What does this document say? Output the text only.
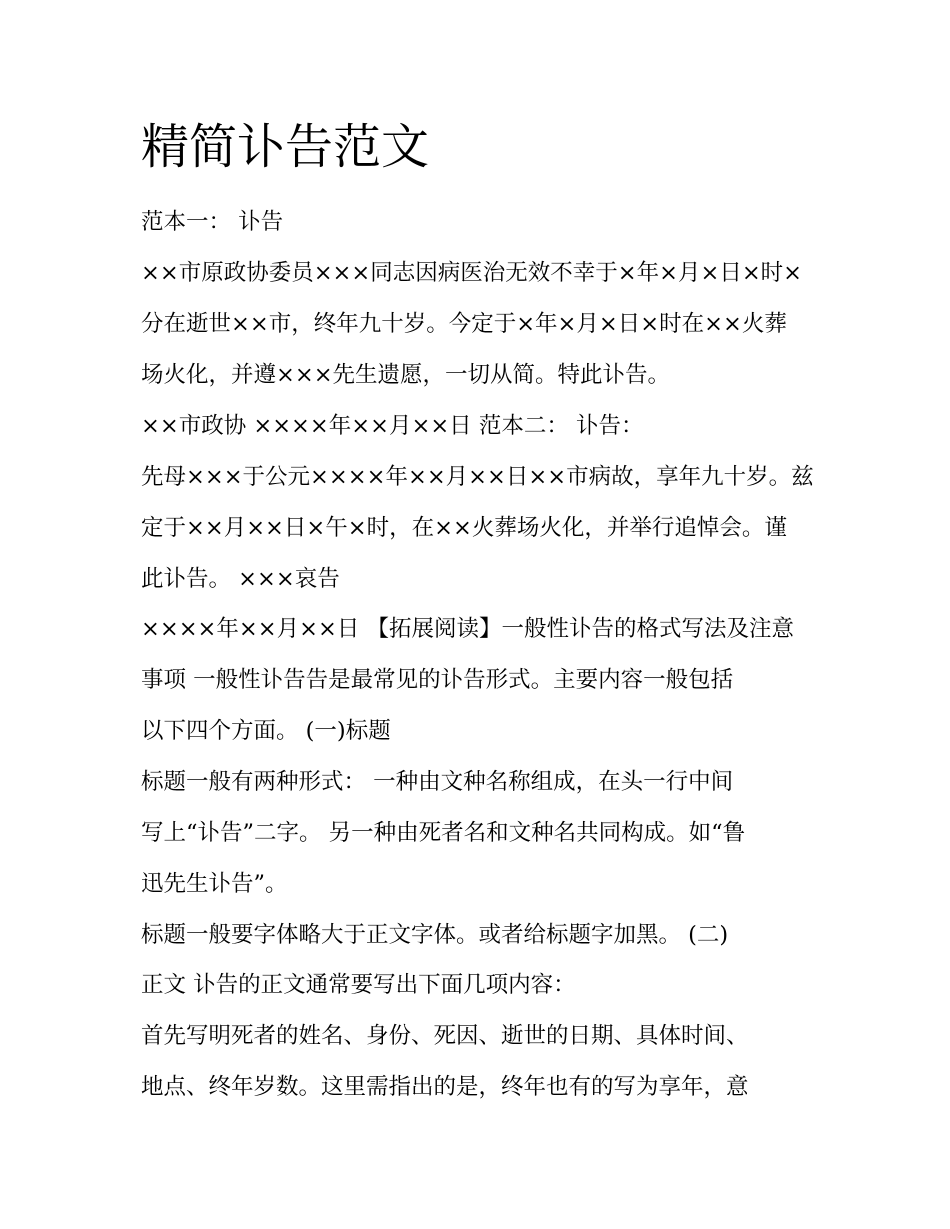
精简讣告范文

范本一： 讣告

××市原政协委员×××同志因病医治无效不幸于×年×月×日×时×

分在逝世××市，终年九十岁。今定于×年×月×日×时在××火葬

场火化，并遵×××先生遗愿，一切从简。特此讣告。

××市政协 ××××年××月××日 范本二： 讣告：

先母×××于公元××××年××月××日××市病故，享年九十岁。兹

定于××月××日×午×时，在××火葬场火化，并举行追悼会。谨

此讣告。 ×××哀告

××××年××月××日 【拓展阅读】一般性讣告的格式写法及注意

事项 一般性讣告告是最常见的讣告形式。主要内容一般包括

以下四个方面。 (一)标题

标题一般有两种形式： 一种由文种名称组成，在头一行中间

写上“讣告”二字。 另一种由死者名和文种名共同构成。如“鲁

迅先生讣告”。

标题一般要字体略大于正文字体。或者给标题字加黑。 (二)

正文 讣告的正文通常要写出下面几项内容：

首先写明死者的姓名、身份、死因、逝世的日期、具体时间、

地点、终年岁数。这里需指出的是，终年也有的写为享年，意
